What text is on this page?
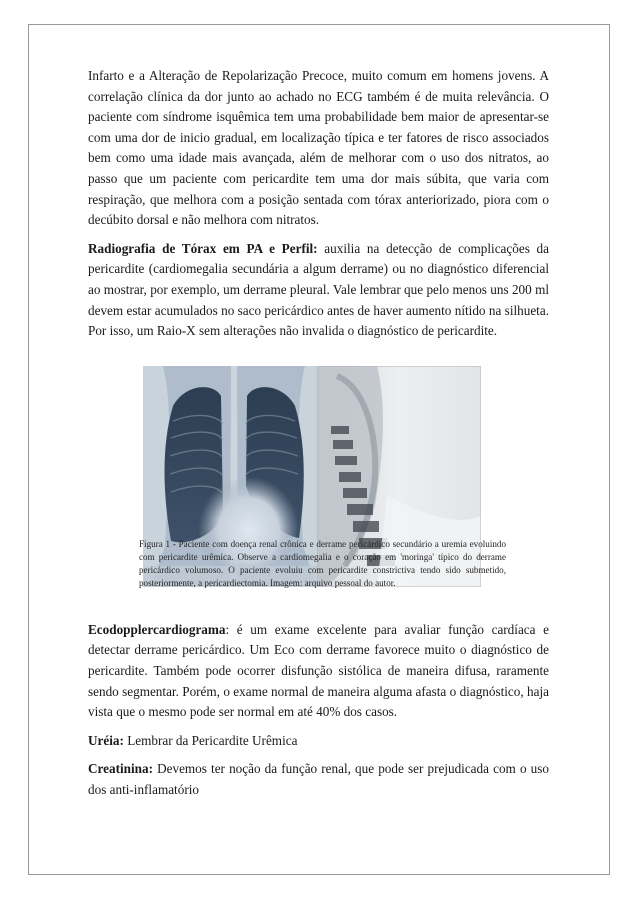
Infarto e a Alteração de Repolarização Precoce, muito comum em homens jovens. A correlação clínica da dor junto ao achado no ECG também é de muita relevância. O paciente com síndrome isquêmica tem uma probabilidade bem maior de apresentar-se com uma dor de inicio gradual, em localização típica e ter fatores de risco associados bem como uma idade mais avançada, além de melhorar com o uso dos nitratos, ao passo que um paciente com pericardite tem uma dor mais súbita, que varia com respiração, que melhora com a posição sentada com tórax anteriorizado, piora com o decúbito dorsal e não melhora com nitratos.

Radiografia de Tórax em PA e Perfil: auxilia na detecção de complicações da pericardite (cardiomegalia secundária a algum derrame) ou no diagnóstico diferencial ao mostrar, por exemplo, um derrame pleural. Vale lembrar que pelo menos uns 200 ml devem estar acumulados no saco pericárdico antes de haver aumento nítido na silhueta. Por isso, um Raio-X sem alterações não invalida o diagnóstico de pericardite.

Figura 1 - Paciente com doença renal crônica e derrame pericárdico secundário a uremia evoluindo com pericardite urêmica. Observe a cardiomegalia e o coração em 'moringa' típico do derrame pericárdico volumoso. O paciente evoluiu com pericardite constrictiva tendo sido submetido, posteriormente, a pericardiectomia. Imagem: arquivo pessoal do autor.

Ecodopplercardiograma: é um exame excelente para avaliar função cardíaca e detectar derrame pericárdico. Um Eco com derrame favorece muito o diagnóstico de pericardite. Também pode ocorrer disfunção sistólica de maneira difusa, raramente sendo segmentar. Porém, o exame normal de maneira alguma afasta o diagnóstico, haja vista que o mesmo pode ser normal em até 40% dos casos.

Uréia: Lembrar da Pericardite Urêmica

Creatinina: Devemos ter noção da função renal, que pode ser prejudicada com o uso dos anti-inflamatório
